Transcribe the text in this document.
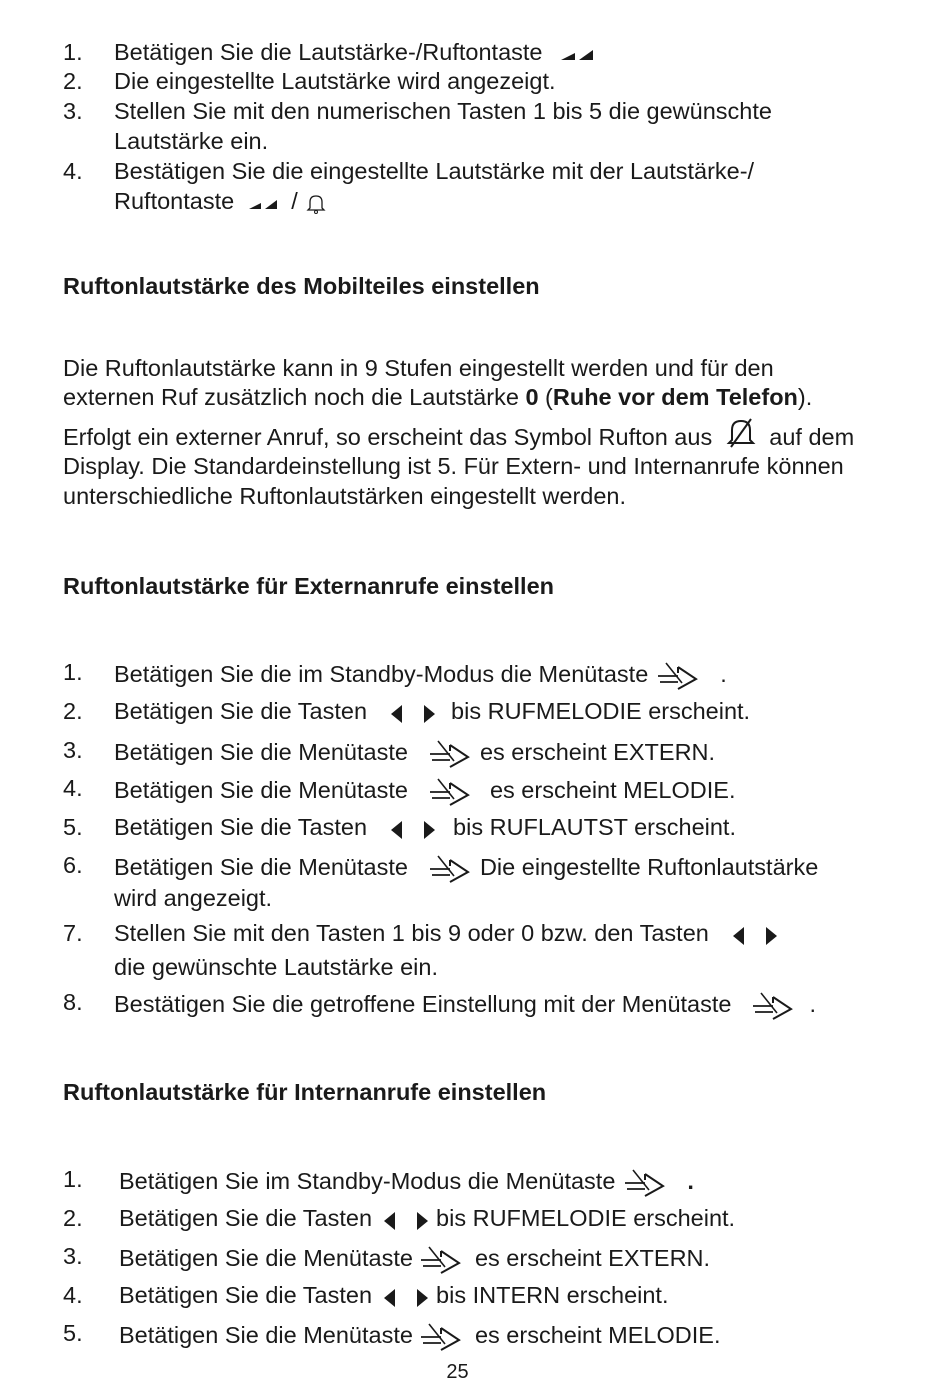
1. Betätigen Sie die Lautstärke-/Ruftontaste
2. Die eingestellte Lautstärke wird angezeigt.
3. Stellen Sie mit den numerischen Tasten 1 bis 5 die gewünschte
Lautstärke ein.
4. Bestätigen Sie die eingestellte Lautstärke mit der Lautstärke-/
Ruftontaste /
Ruftonlautstärke des Mobilteiles einstellen
Die Ruftonlautstärke kann in 9 Stufen eingestellt werden und für den
externen Ruf zusätzlich noch die Lautstärke 0 (Ruhe vor dem Telefon).
Erfolgt ein externer Anruf, so erscheint das Symbol Rufton aus auf dem
Display. Die Standardeinstellung ist 5. Für Extern- und Internanrufe können
unterschiedliche Ruftonlautstärken eingestellt werden.
Ruftonlautstärke für Externanrufe einstellen
1. Betätigen Sie die im Standby-Modus die Menütaste	.
2. Betätigen Sie die Tasten	bis RUFMELODIE erscheint.
3. Betätigen Sie die Menütaste	es erscheint EXTERN.
4. Betätigen Sie die Menütaste	es erscheint MELODIE.
5. Betätigen Sie die Tasten	bis RUFLAUTST erscheint.
6. Betätigen Sie die Menütaste	Die eingestellte Ruftonlautstärke
wird angezeigt.
7. Stellen Sie mit den Tasten 1 bis 9 oder 0 bzw. den Tasten
die gewünschte Lautstärke ein.
8. Bestätigen Sie die getroffene Einstellung mit der Menütaste	.
1. Betätigen Sie im Standby-Modus die Menütaste	.
2. Betätigen Sie die Tasten	bis RUFMELODIE erscheint.
3. Betätigen Sie die Menütaste	es erscheint EXTERN.
4. Betätigen Sie die Tasten	bis INTERN erscheint.
5. Betätigen Sie die Menütaste	es erscheint MELODIE.
Ruftonlautstärke für Internanrufe einstellen
25
